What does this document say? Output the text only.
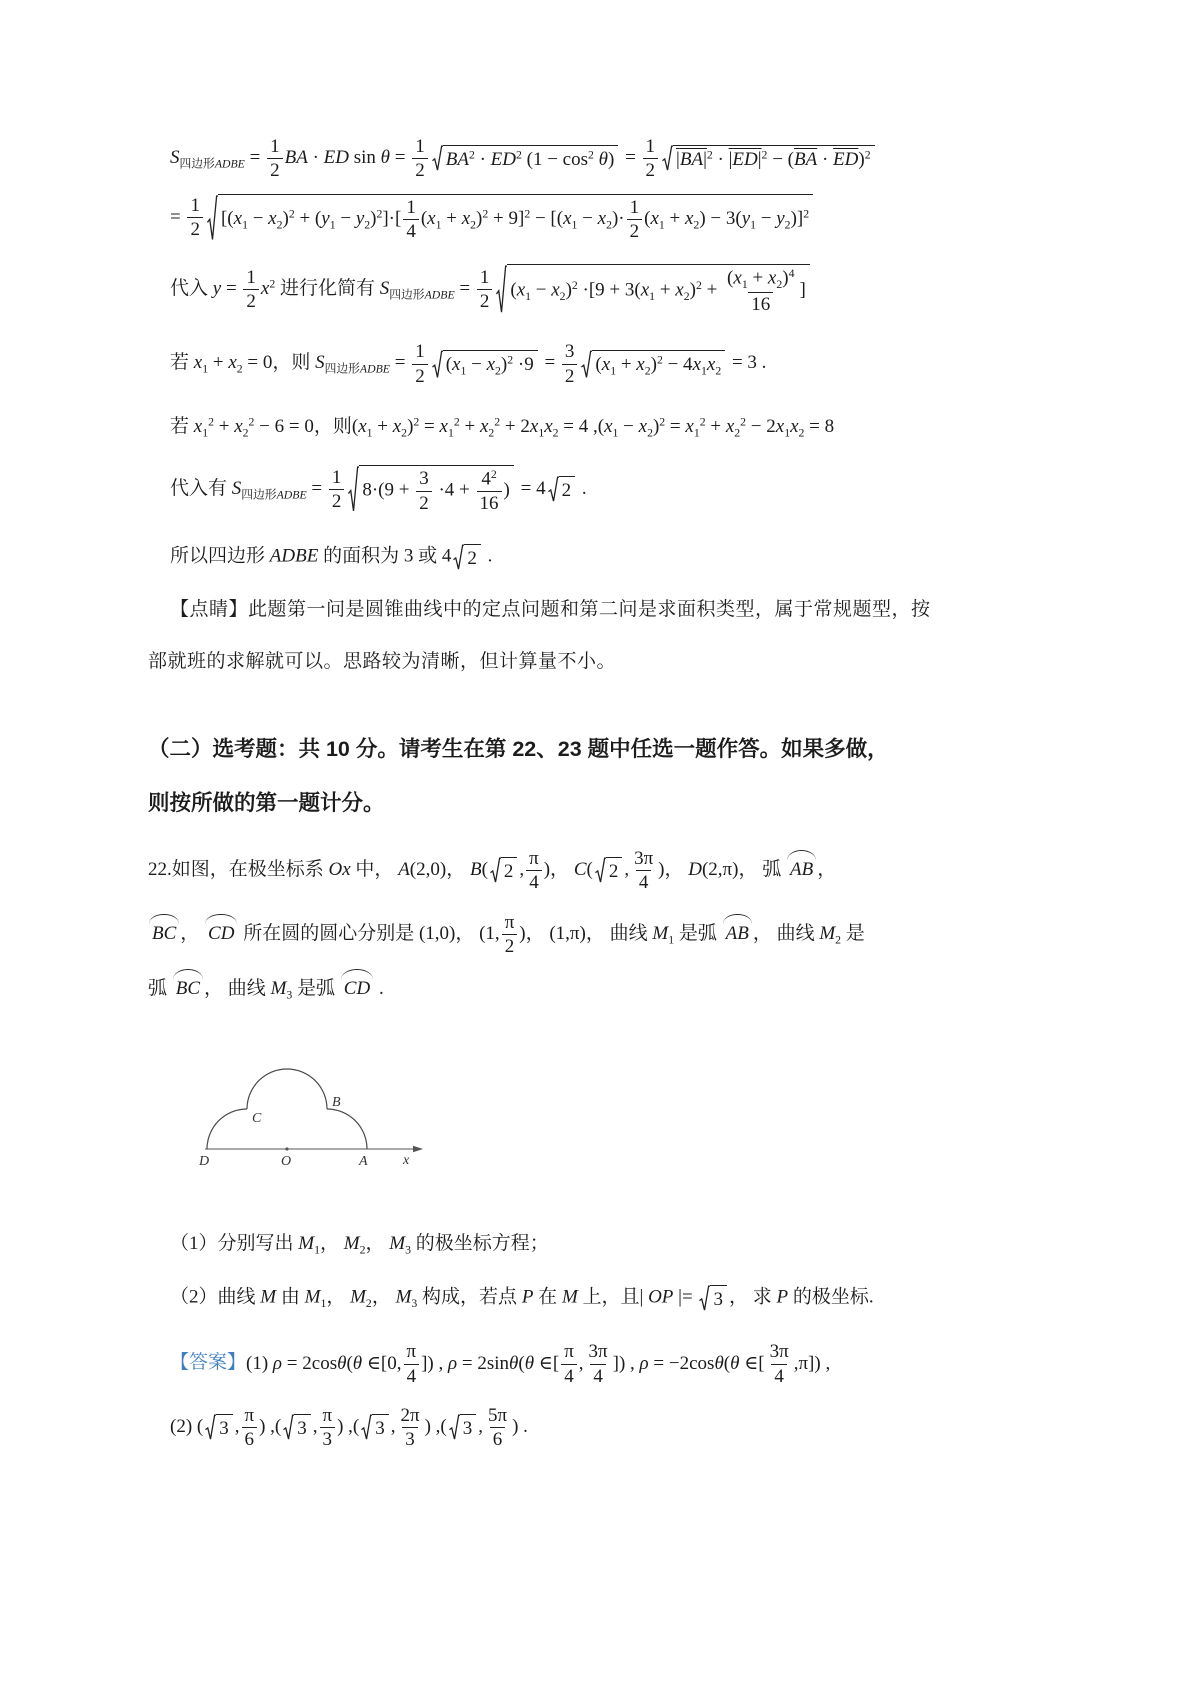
$S_{四边形ADBE} = \frac{1}{2}$ BA · ED $\sin \theta = \frac{1}{2} BA^2 \cdot ED^2$ $(1 - \cos^2 \theta) = \frac{1}{2} |BA|^2 \cdot |ED|^2 - (\overline{BA} \cdot \overline{ED})^2$
= $\frac{1}{2} [(x_1 - x_2)^2 + (y_1 - y_2)^2]\cdot[ \frac{1}{4} (x_1 + x_2)^2 + 9]^2 - [(x_1 - x_2)\cdot \frac{1}{2} (x_1 + x_2) - 3(y_1 - y_2)]^2$
代入 $y = \frac{1}{2} x^2$ 进行化简有 $S_{四边形ADBE} = \frac{1}{2} (x_1 - x_2)^2 \cdot[9 + 3(x_1 + x_2)^2 + \frac{(x_1 + x_2)^4}{16}$ ]
若 $x_1 + x_2 = 0$，则 $S_{四边形ADBE} = \frac{1}{2} (x_1 - x_2)^2 \cdot 9 = \frac{3}{2} (x_1 + x_2)^2 - 4x_1x_2 = 3$ .
若 $x_1^2 + x_2^2 - 6 = 0$，则$(x_1 + x_2)^2 = x_1^2 + x_2^2 + 2x_1x_2 = 4$ $,(x_1 - x_2)^2 = x_1^2 + x_2^2 - 2x_1x_2 = 8$
代入有 $S_{四边形ADBE} = \frac{1}{2} 8\cdot(9 + \frac{3}{2} \cdot 4 + \frac{4^2}{16}$ ) = 4 2 .
所以四边形 ADBE 的面积为 3 或 4 2 .
【点睛】此题第一问是圆锥曲线中的定点问题和第二问是求面积类型，属于常规题型，按
部就班的求解就可以。思路较为清晰，但计算量不小。
（二）选考题：共 10 分。请考生在第 22、23 题中任选一题作答。如果多做，
则按所做的第一题计分。
22.如图，在极坐标系 Ox 中， A(2,0)， B( 2 , $\frac{\pi}{4}$ )， C( 2 , $\frac{3\pi}{4}$ )， D(2,π)， 弧 AB ，
BC ， CD 所在圆的圆心分别是 (1,0)， (1, $\frac{\pi}{2}$ )， (1,π)， 曲线 $M_1$ 是弧 AB ， 曲线 $M_2$ 是
弧 BC ， 曲线 $M_3$ 是弧 CD .
D	O	A	x
B
C
（1）分别写出 $M_1$， $M_2$， $M_3$ 的极坐标方程；
（2）曲线 M 由 $M_1$， $M_2$， $M_3$ 构成，若点 P 在 M 上，且| OP |= 3 ， 求 P 的极坐标.
【答案】(1) ρ = 2cosθ(θ ∈[0, $\frac{\pi}{4}$ ]) , ρ = 2sinθ(θ ∈[ $\frac{\pi}{4}$ , $\frac{3\pi}{4}$ ]) , ρ = −2cosθ(θ ∈[ $\frac{3\pi}{4} ,\pi$]) ,
(2) ( 3 , $\frac{\pi}{6}$ ) ,( 3 , $\frac{\pi}{3}$ ) ,( 3 , $\frac{2\pi}{3}$ ) ,( 3 , $\frac{5\pi}{6}$ ) .
